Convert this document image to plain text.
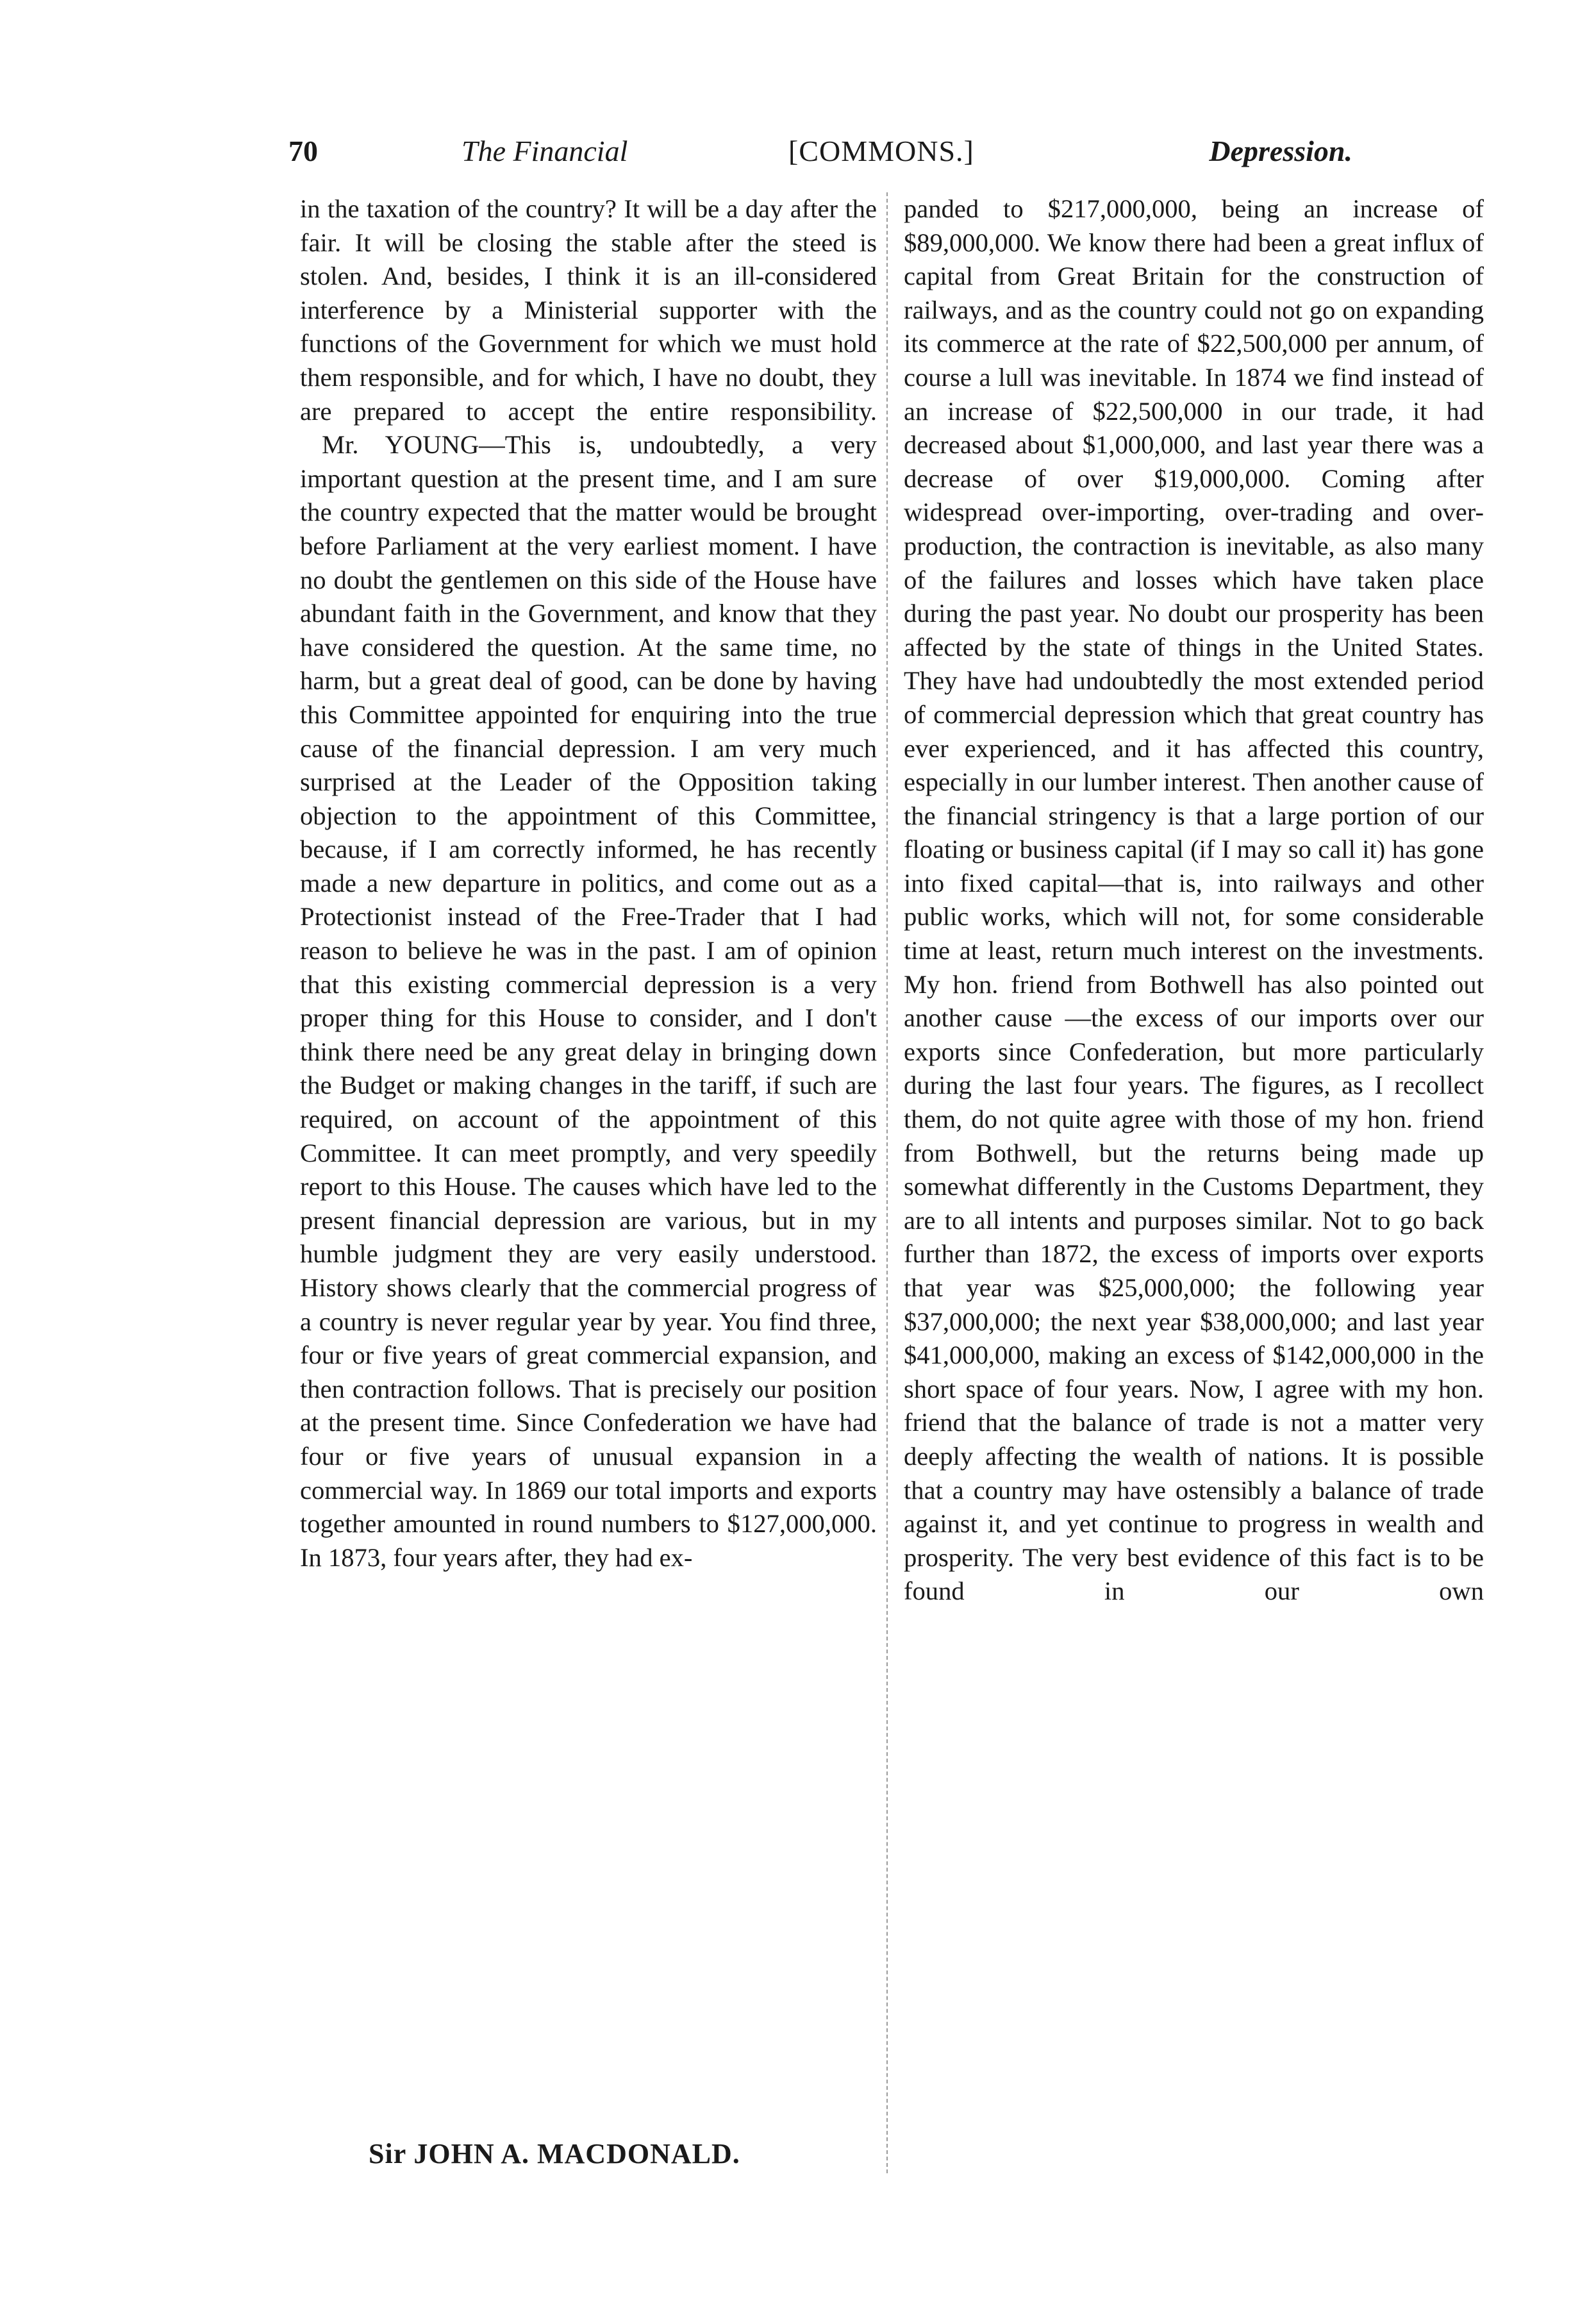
70	The Financial	[COMMONS.]	Depression.

in the taxation of the country? It will be a day after the fair. It will be closing the stable after the steed is stolen. And, besides, I think it is an ill-considered interference by a Ministerial supporter with the functions of the Government for which we must hold them responsible, and for which, I have no doubt, they are prepared to accept the entire responsibility.

Mr. YOUNG—This is, undoubtedly, a very important question at the present time, and I am sure the country expected that the matter would be brought before Parliament at the very earliest moment. I have no doubt the gentlemen on this side of the House have abundant faith in the Government, and know that they have considered the question. At the same time, no harm, but a great deal of good, can be done by having this Committee appointed for enquiring into the true cause of the financial depression. I am very much surprised at the Leader of the Opposition taking objection to the appointment of this Committee, because, if I am correctly informed, he has recently made a new departure in politics, and come out as a Protectionist instead of the Free-Trader that I had reason to believe he was in the past. I am of opinion that this existing commercial depression is a very proper thing for this House to consider, and I don't think there need be any great delay in bringing down the Budget or making changes in the tariff, if such are required, on account of the appointment of this Committee. It can meet promptly, and very speedily report to this House. The causes which have led to the present financial depression are various, but in my humble judgment they are very easily understood. History shows clearly that the commercial progress of a country is never regular year by year. You find three, four or five years of great commercial expansion, and then contraction follows. That is precisely our position at the present time. Since Confederation we have had four or five years of unusual expansion in a commercial way. In 1869 our total imports and exports together amounted in round numbers to $127,000,000. In 1873, four years after, they had ex-

panded to $217,000,000, being an increase of $89,000,000. We know there had been a great influx of capital from Great Britain for the construction of railways, and as the country could not go on expanding its commerce at the rate of $22,500,000 per annum, of course a lull was inevitable. In 1874 we find instead of an increase of $22,500,000 in our trade, it had decreased about $1,000,000, and last year there was a decrease of over $19,000,000. Coming after widespread over-importing, over-trading and over-production, the contraction is inevitable, as also many of the failures and losses which have taken place during the past year. No doubt our prosperity has been affected by the state of things in the United States. They have had undoubtedly the most extended period of commercial depression which that great country has ever experienced, and it has affected this country, especially in our lumber interest. Then another cause of the financial stringency is that a large portion of our floating or business capital (if I may so call it) has gone into fixed capital—that is, into railways and other public works, which will not, for some considerable time at least, return much interest on the investments. My hon. friend from Bothwell has also pointed out another cause —the excess of our imports over our exports since Confederation, but more particularly during the last four years. The figures, as I recollect them, do not quite agree with those of my hon. friend from Bothwell, but the returns being made up somewhat differently in the Customs Department, they are to all intents and purposes similar. Not to go back further than 1872, the excess of imports over exports that year was $25,000,000; the following year $37,000,000; the next year $38,000,000; and last year $41,000,000, making an excess of $142,000,000 in the short space of four years. Now, I agree with my hon. friend that the balance of trade is not a matter very deeply affecting the wealth of nations. It is possible that a country may have ostensibly a balance of trade against it, and yet continue to progress in wealth and prosperity. The very best evidence of this fact is to be found in our own

Sir JOHN A. MACDONALD.
